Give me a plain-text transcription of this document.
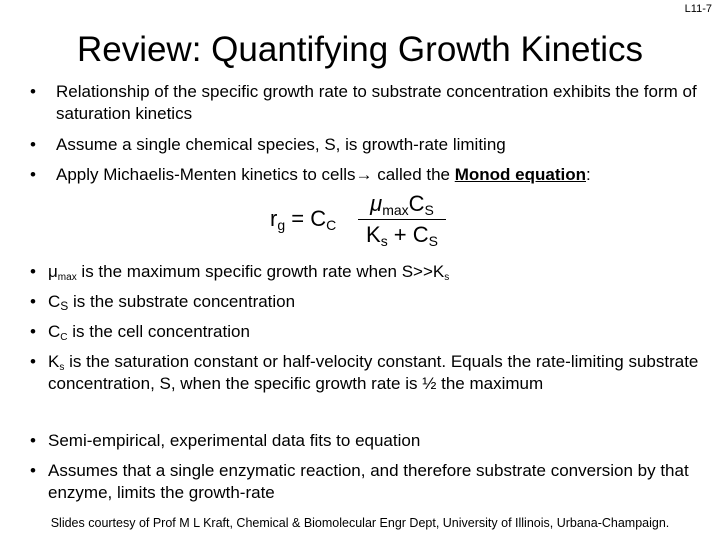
L11-7
Review: Quantifying Growth Kinetics
• Relationship of the specific growth rate to substrate concentration exhibits the form of saturation kinetics
• Assume a single chemical species, S, is growth-rate limiting
• Apply Michaelis-Menten kinetics to cells→ called the Monod equation:
$r_g = C_C$
$\mu_{max}C_S$
$K_s + C_S$
• $\mu_{max}$ is the maximum specific growth rate when $S>>K_s$
• $C_S$ is the substrate concentration
• $C_C$ is the cell concentration
• $K_s$ is the saturation constant or half-velocity constant. Equals the rate-limiting substrate concentration, S, when the specific growth rate is ½ the maximum
• Semi-empirical, experimental data fits to equation
• Assumes that a single enzymatic reaction, and therefore substrate conversion by that enzyme, limits the growth-rate
Slides courtesy of Prof M L Kraft, Chemical & Biomolecular Engr Dept, University of Illinois, Urbana-Champaign.
